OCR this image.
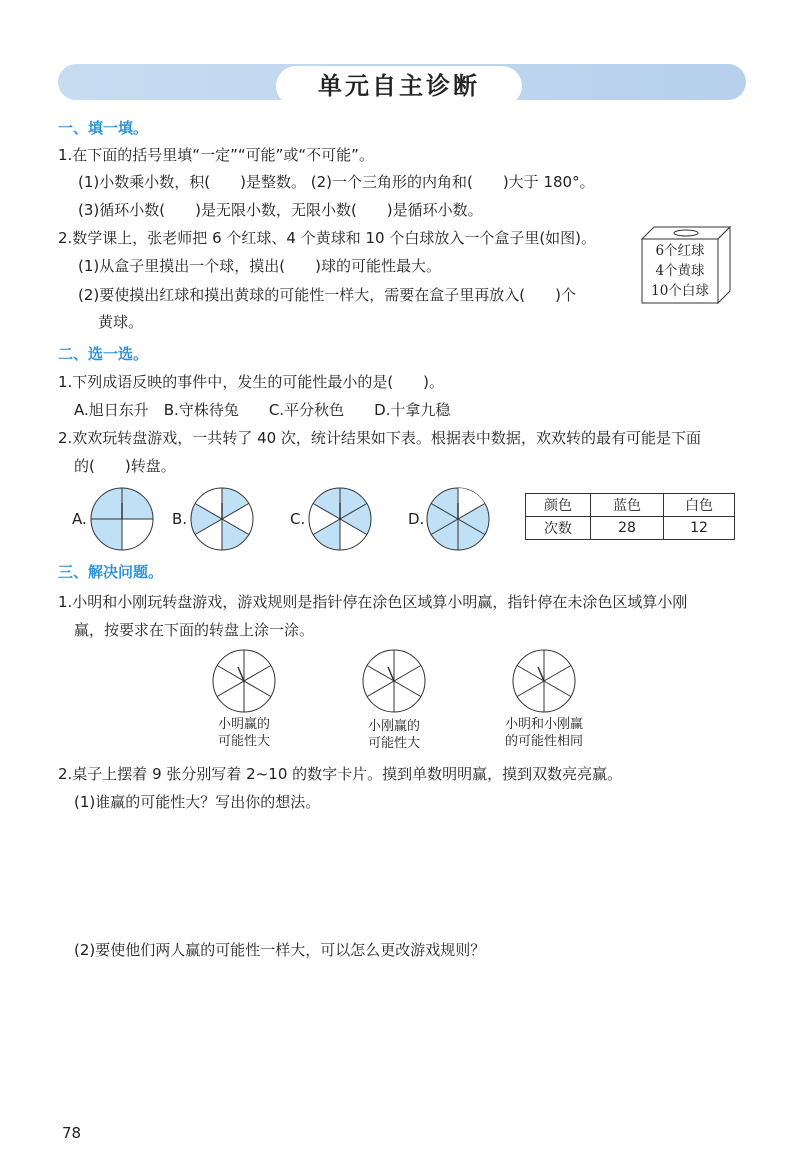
单元自主诊断
一、填一填。
1.在下面的括号里填“一定”“可能”或“不可能”。
(1)小数乘小数，积(　　)是整数。 (2)一个三角形的内角和(　　)大于 180°。
(3)循环小数(　　)是无限小数，无限小数(　　)是循环小数。
2.数学课上，张老师把 6 个红球、4 个黄球和 10 个白球放入一个盒子里(如图)。
(1)从盒子里摸出一个球，摸出(　　)球的可能性最大。
(2)要使摸出红球和摸出黄球的可能性一样大，需要在盒子里再放入(　　)个
黄球。
6个红球
4个黄球
10个白球
二、选一选。
1.下列成语反映的事件中，发生的可能性最小的是(　　)。
A.旭日东升　B.守株待兔　　C.平分秋色　　D.十拿九稳
2.欢欢玩转盘游戏，一共转了 40 次，统计结果如下表。根据表中数据，欢欢转的最有可能是下面
的(　　)转盘。
A.	B.	C.	D.
颜色	蓝色	白色
次数	28	12
三、解决问题。
1.小明和小刚玩转盘游戏，游戏规则是指针停在涂色区域算小明赢，指针停在未涂色区域算小刚
赢，按要求在下面的转盘上涂一涂。
小明赢的
可能性大
小刚赢的
可能性大
小明和小刚赢
的可能性相同
2.桌子上摆着 9 张分别写着 2~10 的数字卡片。摸到单数明明赢，摸到双数亮亮赢。
(1)谁赢的可能性大？写出你的想法。
(2)要使他们两人赢的可能性一样大，可以怎么更改游戏规则？
78
